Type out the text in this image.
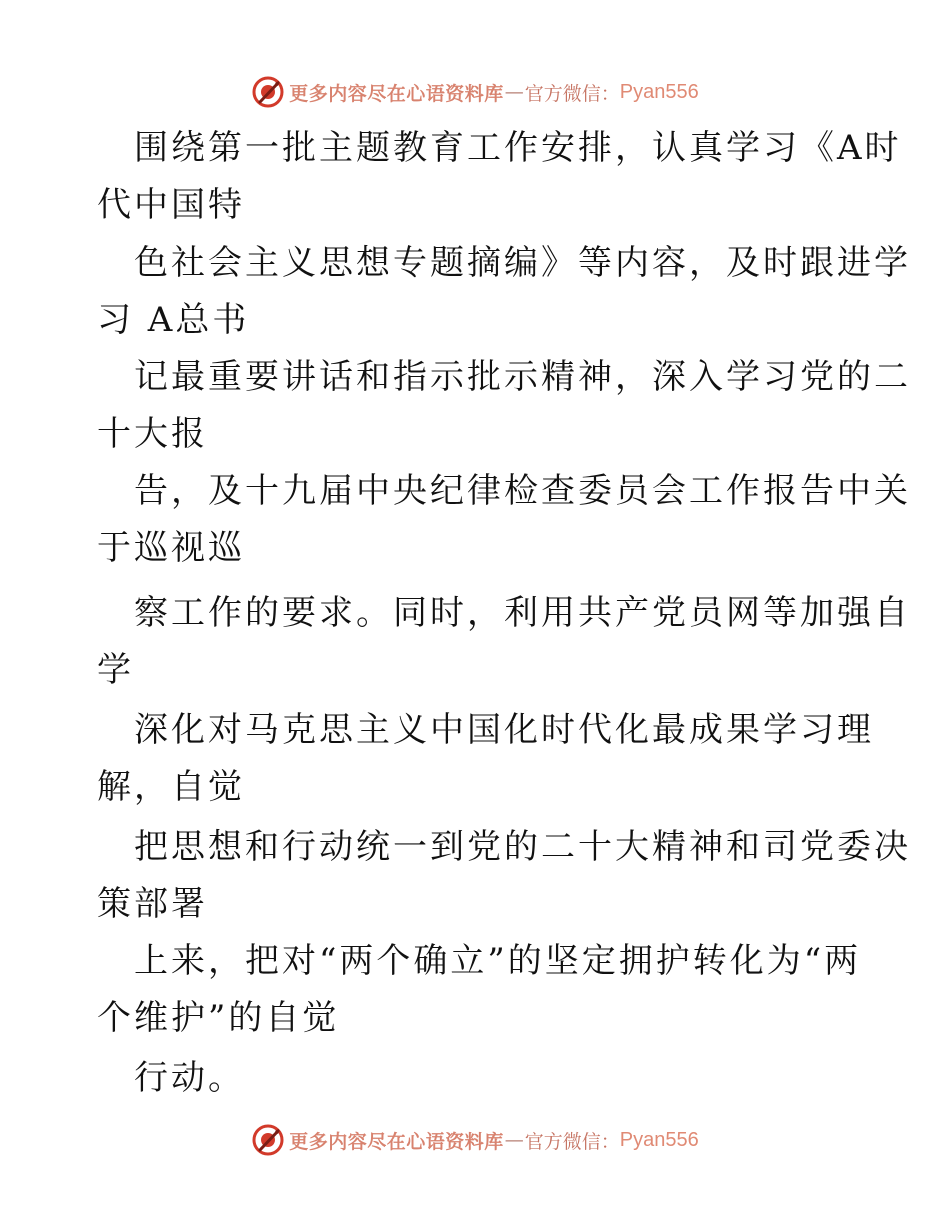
更多内容尽在心语资料库 — 官方微信： Pyan556
围绕第一批主题教育工作安排，认真学习《A时
代中国特
色社会主义思想专题摘编》等内容，及时跟进学
习 A总书
记最重要讲话和指示批示精神，深入学习党的二
十大报
告，及十九届中央纪律检查委员会工作报告中关
于巡视巡
察工作的要求。同时，利用共产党员网等加强自
学
深化对马克思主义中国化时代化最成果学习理
解，自觉
把思想和行动统一到党的二十大精神和司党委决
策部署
上来，把对“两个确立”的坚定拥护转化为“两
个维护”的自觉
行动。
更多内容尽在心语资料库 — 官方微信： Pyan556
